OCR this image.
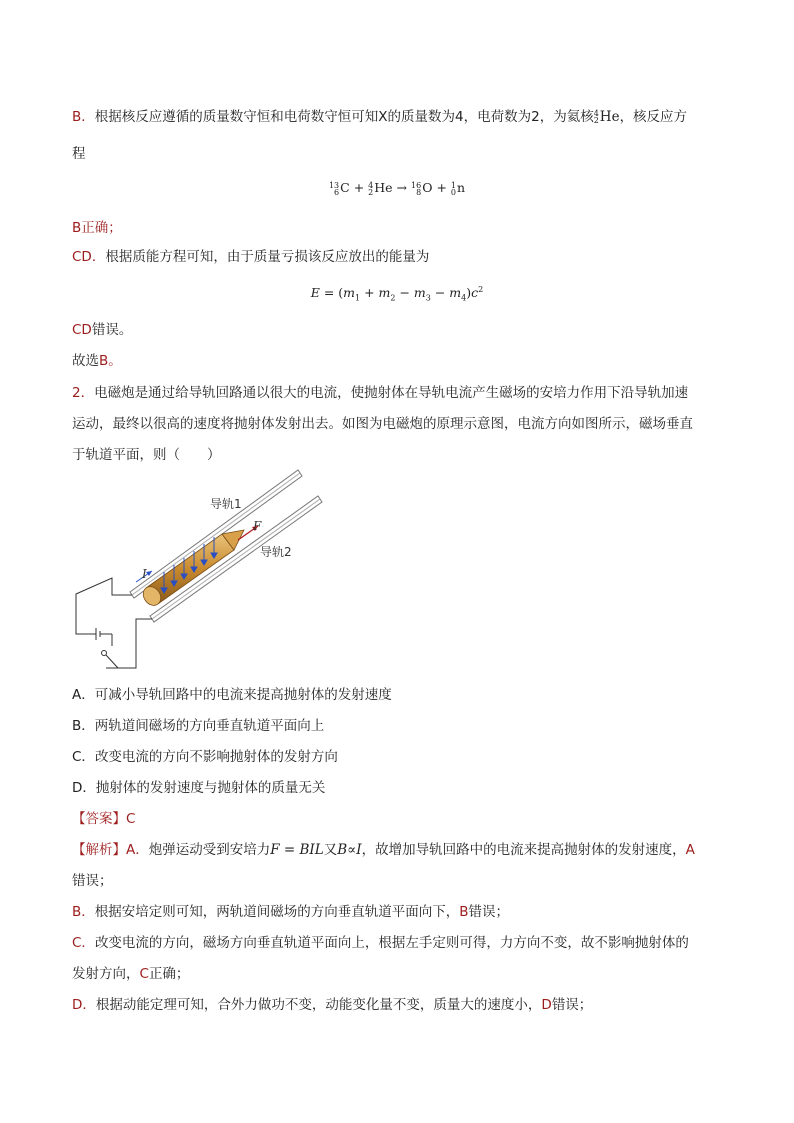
B．根据核反应遵循的质量数守恒和电荷数守恒可知X的质量数为4，电荷数为2，为氦核 4
2 He，核反应方
程
13
6 C + 4
2 He → 16
8 O + 1
0 n
B正确；
CD．根据质能方程可知，由于质量亏损该反应放出的能量为
$E = (m_1 + m_2 - m_3 - m_4)c^2$
CD错误。
故选B。
2．电磁炮是通过给导轨回路通以很大的电流，使抛射体在导轨电流产生磁场的安培力作用下沿导轨加速
运动，最终以很高的速度将抛射体发射出去。如图为电磁炮的原理示意图，电流方向如图所示，磁场垂直
于轨道平面，则（　　）
A．可减小导轨回路中的电流来提高抛射体的发射速度
B．两轨道间磁场的方向垂直轨道平面向上
C．改变电流的方向不影响抛射体的发射方向
D．抛射体的发射速度与抛射体的质量无关
【答案】C
【解析】A．炮弹运动受到安培力F = BIL又B∝I，故增加导轨回路中的电流来提高抛射体的发射速度，A
错误；
B．根据安培定则可知，两轨道间磁场的方向垂直轨道平面向下，B错误；
C．改变电流的方向，磁场方向垂直轨道平面向上，根据左手定则可得，力方向不变，故不影响抛射体的
发射方向，C正确；
D．根据动能定理可知，合外力做功不变，动能变化量不变，质量大的速度小，D错误；
导轨1
导轨2
F
I
